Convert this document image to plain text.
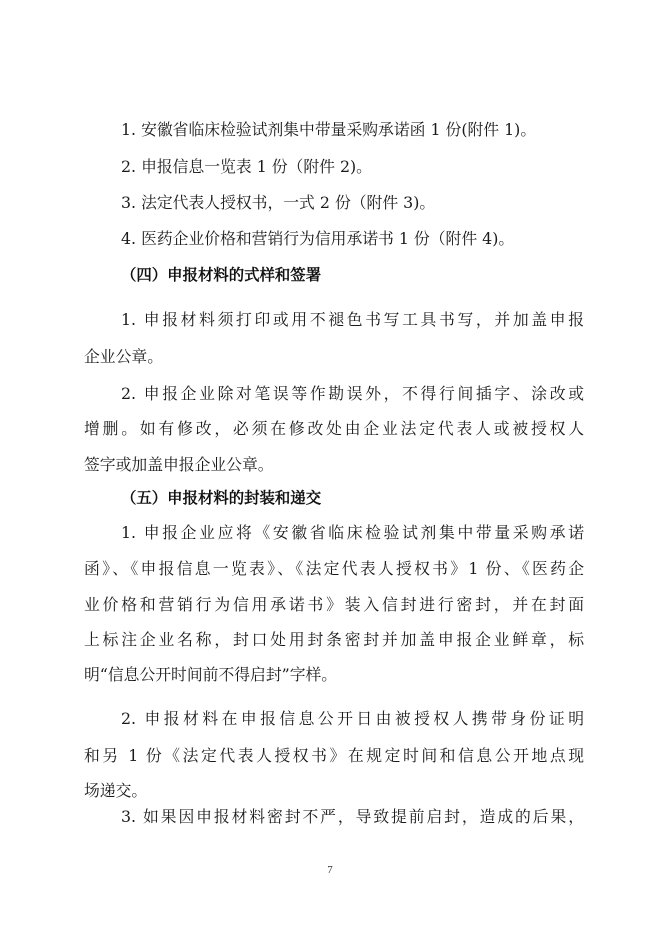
1. 安徽省临床检验试剂集中带量采购承诺函 1 份(附件 1)。

2. 申报信息一览表 1 份（附件 2)。

3. 法定代表人授权书，一式 2 份（附件 3)。

4. 医药企业价格和营销行为信用承诺书 1 份（附件 4)。

（四）申报材料的式样和签署

1. 申报材料须打印或用不褪色书写工具书写，并加盖申报

企业公章。

2. 申报企业除对笔误等作勘误外，不得行间插字、涂改或

增删。如有修改，必须在修改处由企业法定代表人或被授权人

签字或加盖申报企业公章。

（五）申报材料的封装和递交

1. 申报企业应将《安徽省临床检验试剂集中带量采购承诺

函》、《申报信息一览表》、《法定代表人授权书》1 份、《医药企

业价格和营销行为信用承诺书》装入信封进行密封，并在封面

上标注企业名称，封口处用封条密封并加盖申报企业鲜章，标

明“信息公开时间前不得启封”字样。

2. 申报材料在申报信息公开日由被授权人携带身份证明

和另 1 份《法定代表人授权书》在规定时间和信息公开地点现

场递交。

3. 如果因申报材料密封不严，导致提前启封，造成的后果，

7
